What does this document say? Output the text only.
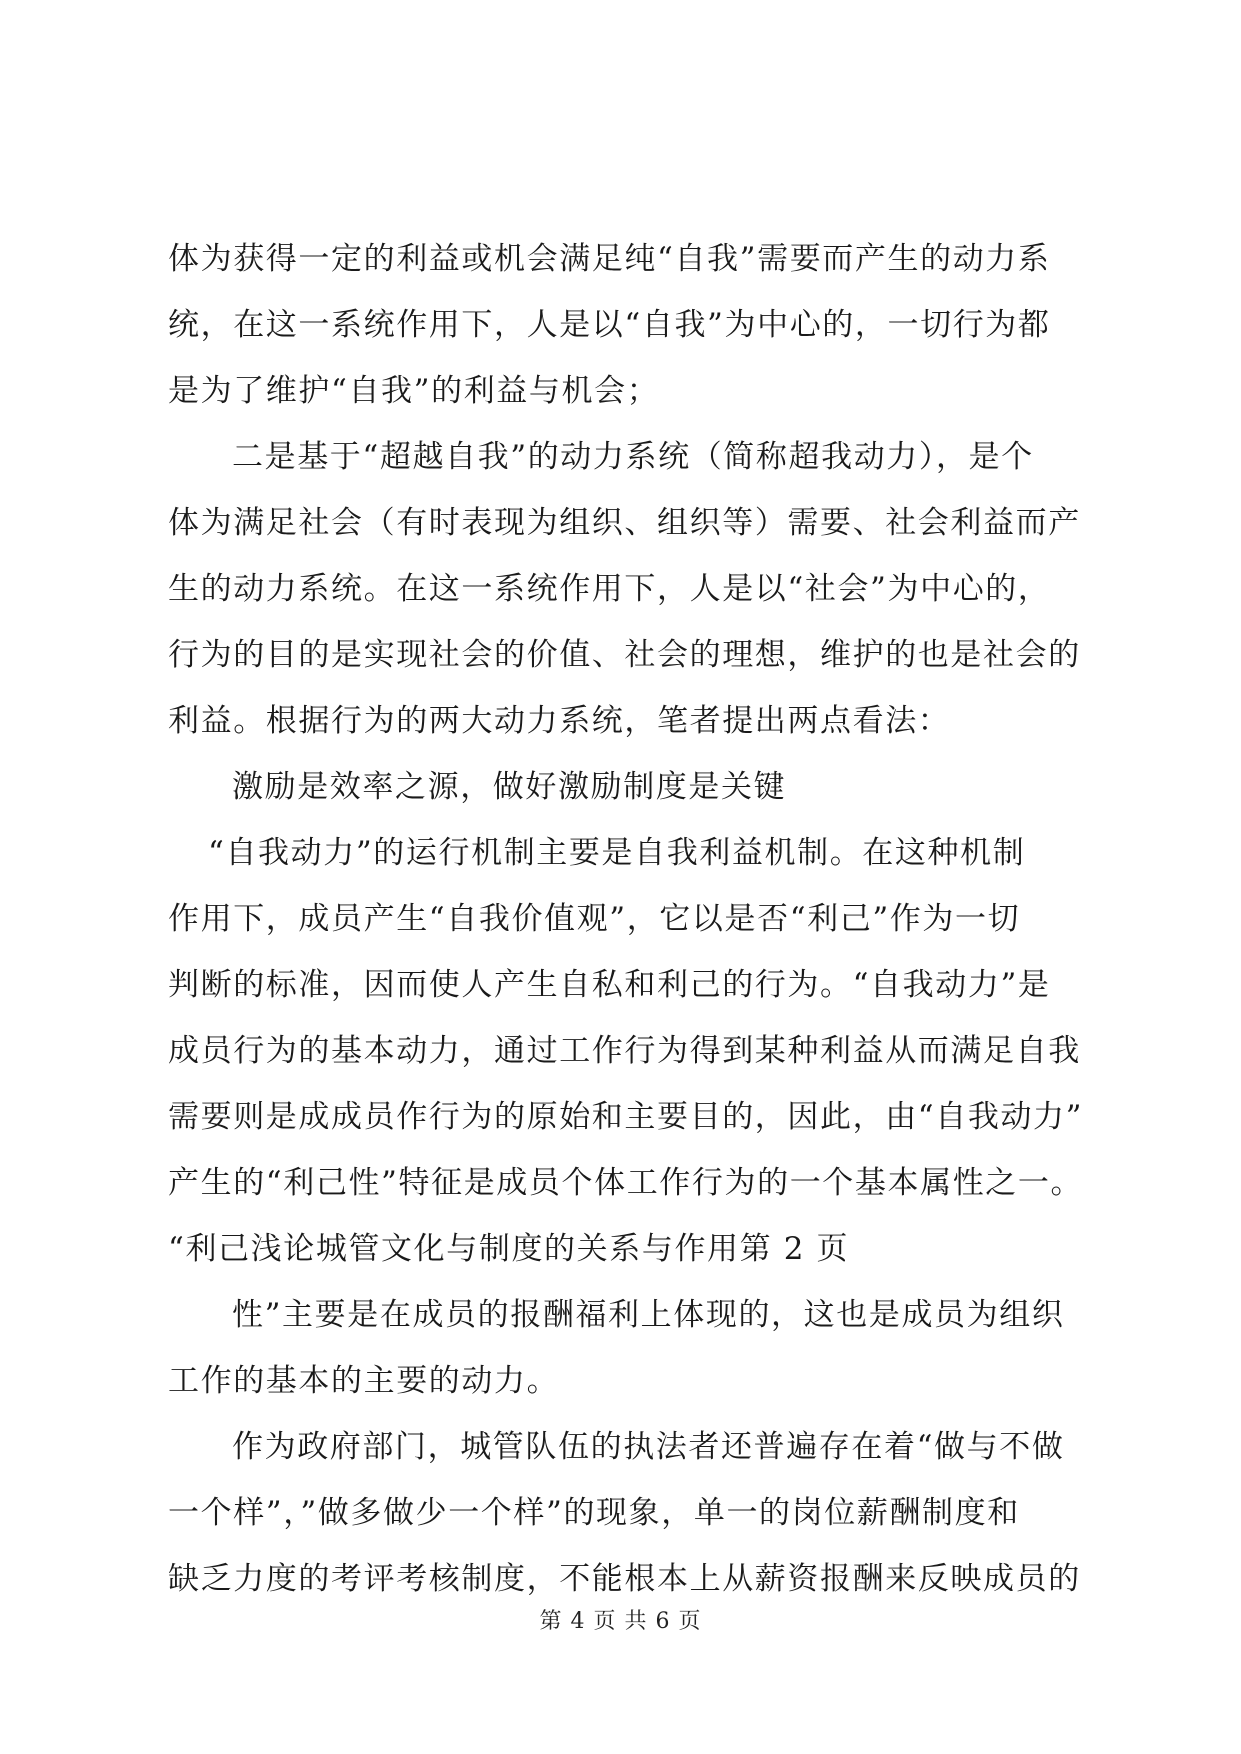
体为获得一定的利益或机会满足纯“自我”需要而产生的动力系
统，在这一系统作用下，人是以“自我”为中心的，一切行为都
是为了维护“自我”的利益与机会；
二是基于“超越自我”的动力系统（简称超我动力），是个
体为满足社会（有时表现为组织、组织等）需要、社会利益而产
生的动力系统。在这一系统作用下，人是以“社会”为中心的，
行为的目的是实现社会的价值、社会的理想，维护的也是社会的
利益。根据行为的两大动力系统，笔者提出两点看法：
激励是效率之源，做好激励制度是关键
“自我动力”的运行机制主要是自我利益机制。在这种机制
作用下，成员产生“自我价值观”，它以是否“利己”作为一切
判断的标准，因而使人产生自私和利己的行为。“自我动力”是
成员行为的基本动力，通过工作行为得到某种利益从而满足自我
需要则是成成员作行为的原始和主要目的，因此，由“自我动力”
产生的“利己性”特征是成员个体工作行为的一个基本属性之一。
“利己浅论城管文化与制度的关系与作用第 2 页
性”主要是在成员的报酬福利上体现的，这也是成员为组织
工作的基本的主要的动力。
作为政府部门，城管队伍的执法者还普遍存在着“做与不做
一个样”，”做多做少一个样”的现象，单一的岗位薪酬制度和
缺乏力度的考评考核制度，不能根本上从薪资报酬来反映成员的
第 4 页 共 6 页
